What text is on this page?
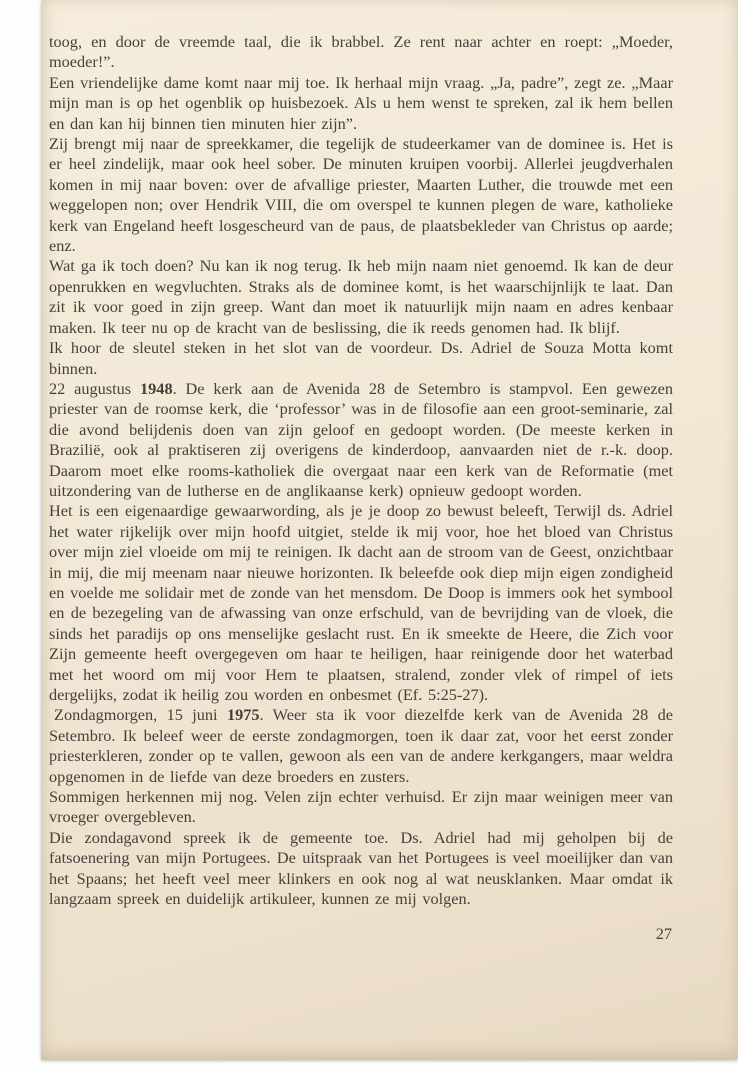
toog, en door de vreemde taal, die ik brabbel. Ze rent naar achter en roept: „Moeder, moeder!”.

Een vriendelijke dame komt naar mij toe. Ik herhaal mijn vraag. „Ja, padre”, zegt ze. „Maar mijn man is op het ogenblik op huisbezoek. Als u hem wenst te spreken, zal ik hem bellen en dan kan hij binnen tien minuten hier zijn”.

Zij brengt mij naar de spreekkamer, die tegelijk de studeerkamer van de dominee is. Het is er heel zindelijk, maar ook heel sober. De minuten kruipen voorbij. Allerlei jeugdverhalen komen in mij naar boven: over de afvallige priester, Maarten Luther, die trouwde met een weggelopen non; over Hendrik VIII, die om overspel te kunnen plegen de ware, katholieke kerk van Engeland heeft losgescheurd van de paus, de plaatsbekleder van Christus op aarde; enz.

Wat ga ik toch doen? Nu kan ik nog terug. Ik heb mijn naam niet genoemd. Ik kan de deur openrukken en wegvluchten. Straks als de dominee komt, is het waarschijnlijk te laat. Dan zit ik voor goed in zijn greep. Want dan moet ik natuurlijk mijn naam en adres kenbaar maken. Ik teer nu op de kracht van de beslissing, die ik reeds genomen had. Ik blijf.

Ik hoor de sleutel steken in het slot van de voordeur. Ds. Adriel de Souza Motta komt binnen.

22 augustus 1948. De kerk aan de Avenida 28 de Setembro is stampvol. Een gewezen priester van de roomse kerk, die ‘professor’ was in de filosofie aan een groot-seminarie, zal die avond belijdenis doen van zijn geloof en gedoopt worden. (De meeste kerken in Brazilië, ook al praktiseren zij overigens de kinderdoop, aanvaarden niet de r.-k. doop. Daarom moet elke rooms-katholiek die overgaat naar een kerk van de Reformatie (met uitzondering van de lutherse en de anglikaanse kerk) opnieuw gedoopt worden.

Het is een eigenaardige gewaarwording, als je je doop zo bewust beleeft, Terwijl ds. Adriel het water rijkelijk over mijn hoofd uitgiet, stelde ik mij voor, hoe het bloed van Christus over mijn ziel vloeide om mij te reinigen. Ik dacht aan de stroom van de Geest, onzichtbaar in mij, die mij meenam naar nieuwe horizonten. Ik beleefde ook diep mijn eigen zondigheid en voelde me solidair met de zonde van het mensdom. De Doop is immers ook het symbool en de bezegeling van de afwassing van onze erfschuld, van de bevrijding van de vloek, die sinds het paradijs op ons menselijke geslacht rust. En ik smeekte de Heere, die Zich voor Zijn gemeente heeft overgegeven om haar te heiligen, haar reinigende door het waterbad met het woord om mij voor Hem te plaatsen, stralend, zonder vlek of rimpel of iets dergelijks, zodat ik heilig zou worden en onbesmet (Ef. 5:25-27).

Zondagmorgen, 15 juni 1975. Weer sta ik voor diezelfde kerk van de Avenida 28 de Setembro. Ik beleef weer de eerste zondagmorgen, toen ik daar zat, voor het eerst zonder priesterkleren, zonder op te vallen, gewoon als een van de andere kerkgangers, maar weldra opgenomen in de liefde van deze broeders en zusters.

Sommigen herkennen mij nog. Velen zijn echter verhuisd. Er zijn maar weinigen meer van vroeger overgebleven.

Die zondagavond spreek ik de gemeente toe. Ds. Adriel had mij geholpen bij de fatsoenering van mijn Portugees. De uitspraak van het Portugees is veel moeilijker dan van het Spaans; het heeft veel meer klinkers en ook nog al wat neusklanken. Maar omdat ik langzaam spreek en duidelijk artikuleer, kunnen ze mij volgen.

27
